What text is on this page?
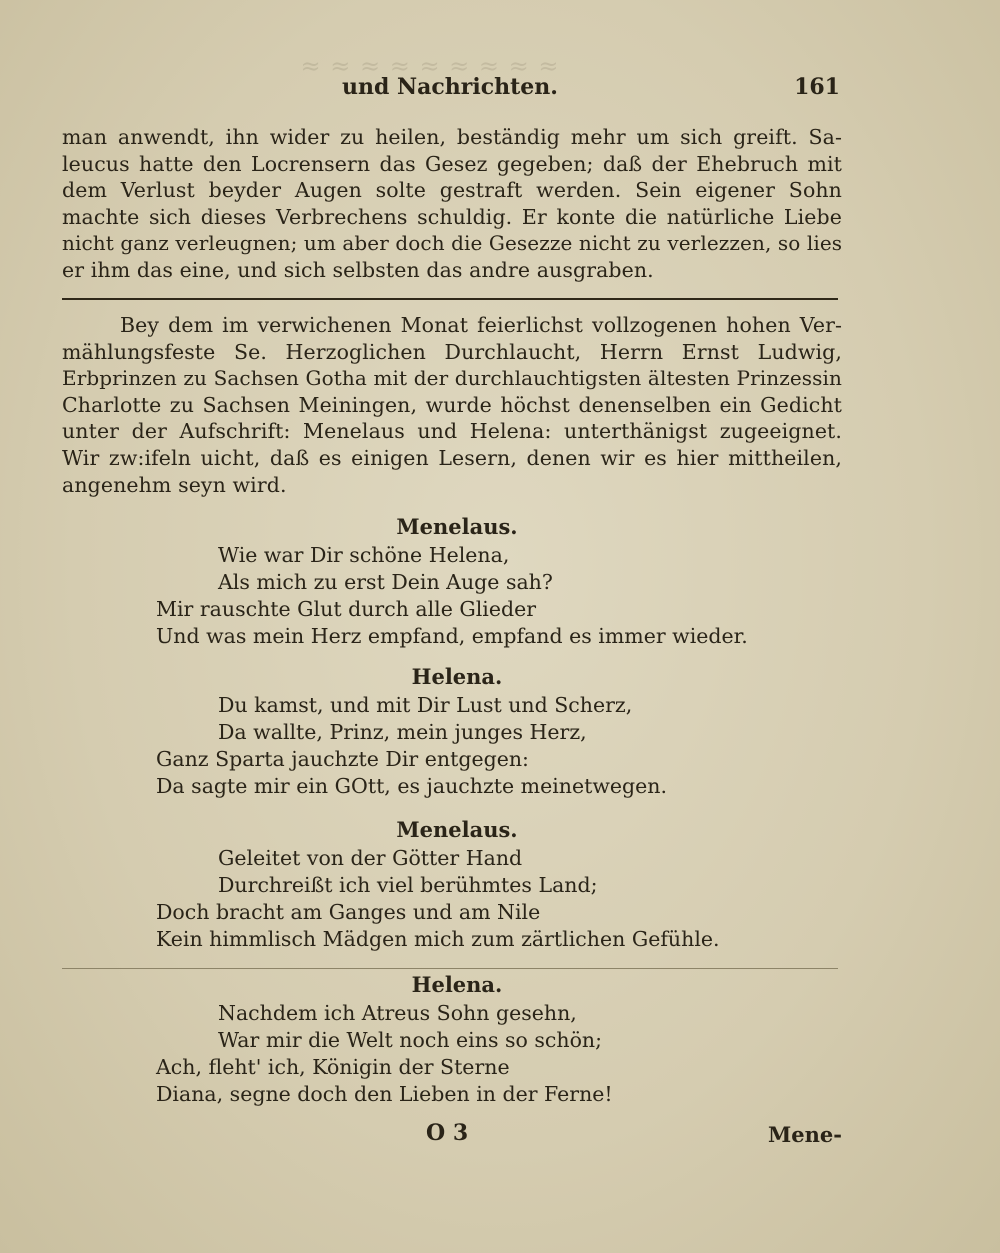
≈ ≈ ≈ ≈ ≈ ≈ ≈ ≈ ≈
und Nachrichten.	161
man anwendt, ihn wider zu heilen, beständig mehr um sich greift. Sa-
leucus hatte den Locrensern das Gesez gegeben; daß der Ehebruch mit
dem Verlust beyder Augen solte gestraft werden. Sein eigener Sohn
machte sich dieses Verbrechens schuldig. Er konte die natürliche Liebe
nicht ganz verleugnen; um aber doch die Gesezze nicht zu verlezzen, so lies
er ihm das eine, und sich selbsten das andre ausgraben.
Bey dem im verwichenen Monat feierlichst vollzogenen hohen Ver-
mählungsfeste Se. Herzoglichen Durchlaucht, Herrn Ernst Ludwig,
Erbprinzen zu Sachsen Gotha mit der durchlauchtigsten ältesten Prinzessin
Charlotte zu Sachsen Meiningen, wurde höchst denenselben ein Gedicht
unter der Aufschrift: Menelaus und Helena: unterthänigst zugeeignet.
Wir zw:ifeln uicht, daß es einigen Lesern, denen wir es hier mittheilen,
angenehm seyn wird.
Menelaus.
Wie war Dir schöne Helena,
Als mich zu erst Dein Auge sah?
Mir rauschte Glut durch alle Glieder
Und was mein Herz empfand, empfand es immer wieder.
Helena.
Du kamst, und mit Dir Lust und Scherz,
Da wallte, Prinz, mein junges Herz,
Ganz Sparta jauchzte Dir entgegen:
Da sagte mir ein GOtt, es jauchzte meinetwegen.
Menelaus.
Geleitet von der Götter Hand
Durchreißt ich viel berühmtes Land;
Doch bracht am Ganges und am Nile
Kein himmlisch Mädgen mich zum zärtlichen Gefühle.
Helena.
Nachdem ich Atreus Sohn gesehn,
War mir die Welt noch eins so schön;
Ach, fleht' ich, Königin der Sterne
Diana, segne doch den Lieben in der Ferne!
O 3	Mene-
